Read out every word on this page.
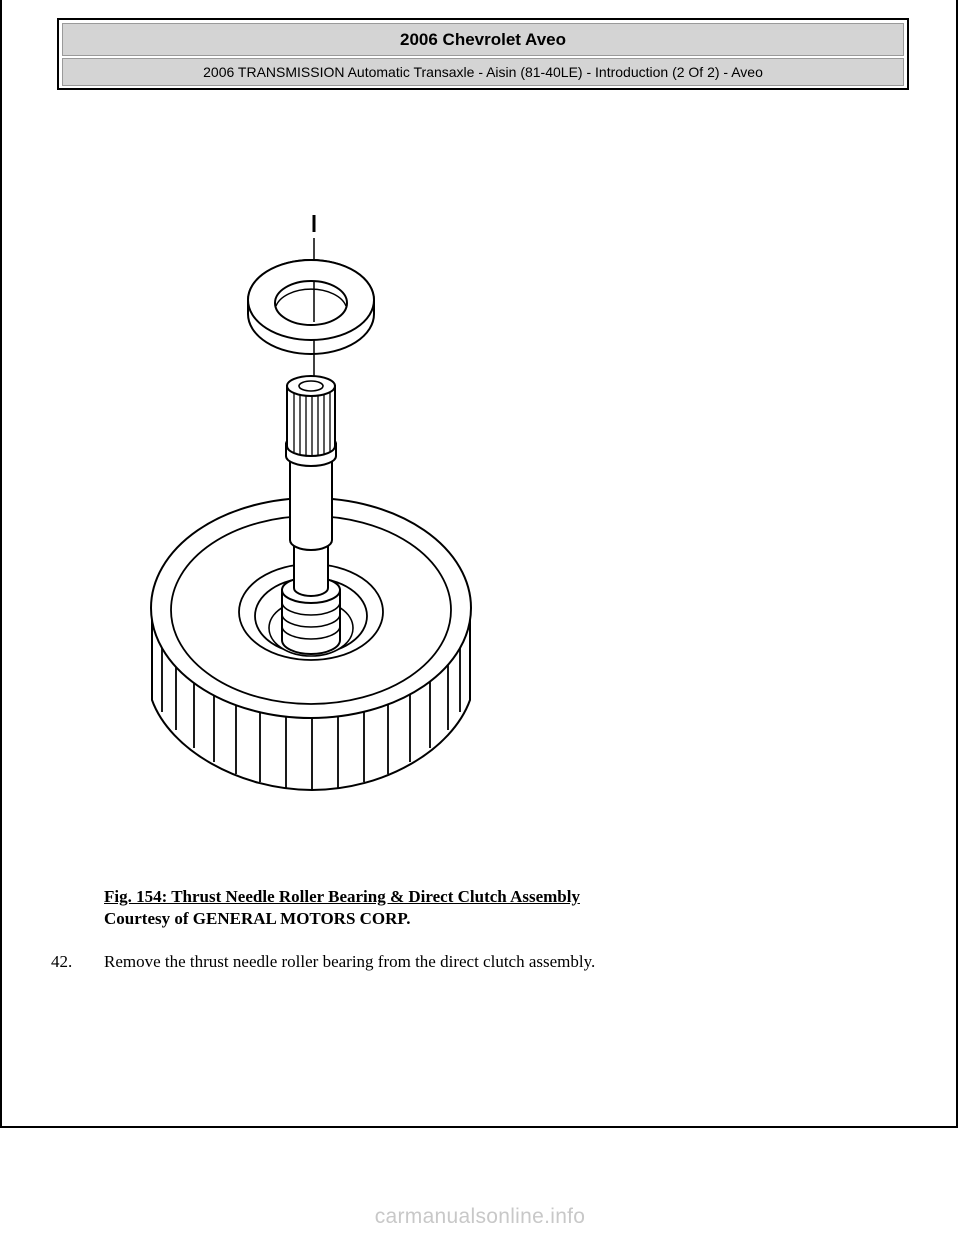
2006 Chevrolet Aveo
2006 TRANSMISSION Automatic Transaxle - Aisin (81-40LE) - Introduction (2 Of 2) - Aveo
Fig. 154: Thrust Needle Roller Bearing & Direct Clutch Assembly
Courtesy of GENERAL MOTORS CORP.
42.	Remove the thrust needle roller bearing from the direct clutch assembly.
carmanualsonline.info
